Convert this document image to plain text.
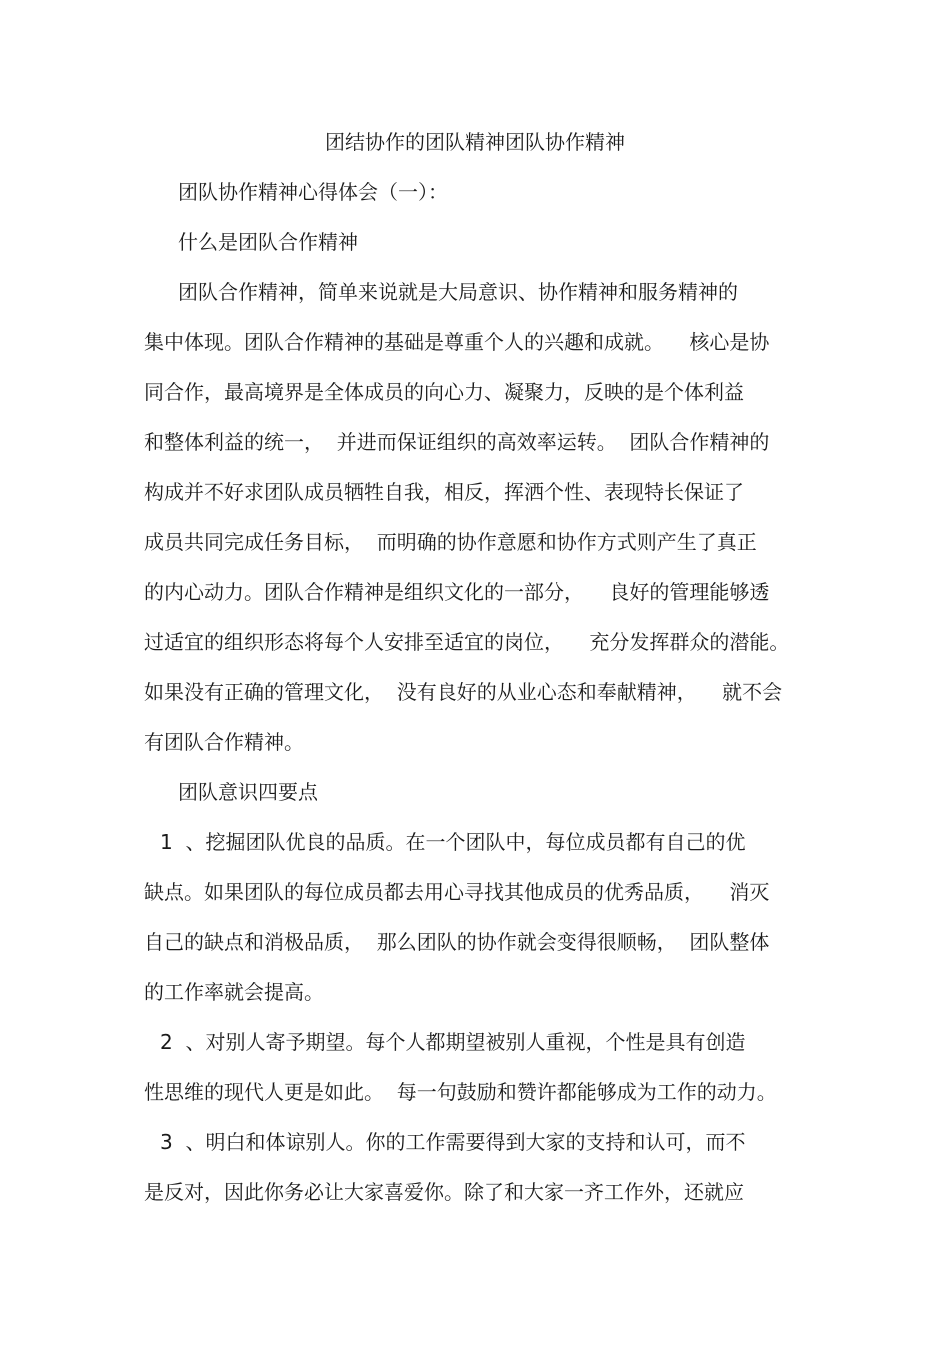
团结协作的团队精神团队协作精神
团队协作精神心得体会（一）：
什么是团队合作精神
团队合作精神，简单来说就是大局意识、协作精神和服务精神的
集中体现。团队合作精神的基础是尊重个人的兴趣和成就。    核心是协
同合作，最高境界是全体成员的向心力、凝聚力，反映的是个体利益
和整体利益的统一，  并进而保证组织的高效率运转。  团队合作精神的
构成并不好求团队成员牺牲自我，相反，挥洒个性、表现特长保证了
成员共同完成任务目标，  而明确的协作意愿和协作方式则产生了真正
的内心动力。团队合作精神是组织文化的一部分，    良好的管理能够透
过适宜的组织形态将每个人安排至适宜的岗位，    充分发挥群众的潜能。
如果没有正确的管理文化，  没有良好的从业心态和奉献精神，    就不会
有团队合作精神。
团队意识四要点
1  、挖掘团队优良的品质。在一个团队中，每位成员都有自己的优
缺点。如果团队的每位成员都去用心寻找其他成员的优秀品质，    消灭
自己的缺点和消极品质，  那么团队的协作就会变得很顺畅，  团队整体
的工作率就会提高。
2  、对别人寄予期望。每个人都期望被别人重视，个性是具有创造
性思维的现代人更是如此。  每一句鼓励和赞许都能够成为工作的动力。
3  、明白和体谅别人。你的工作需要得到大家的支持和认可，而不
是反对，因此你务必让大家喜爱你。除了和大家一齐工作外，还就应
